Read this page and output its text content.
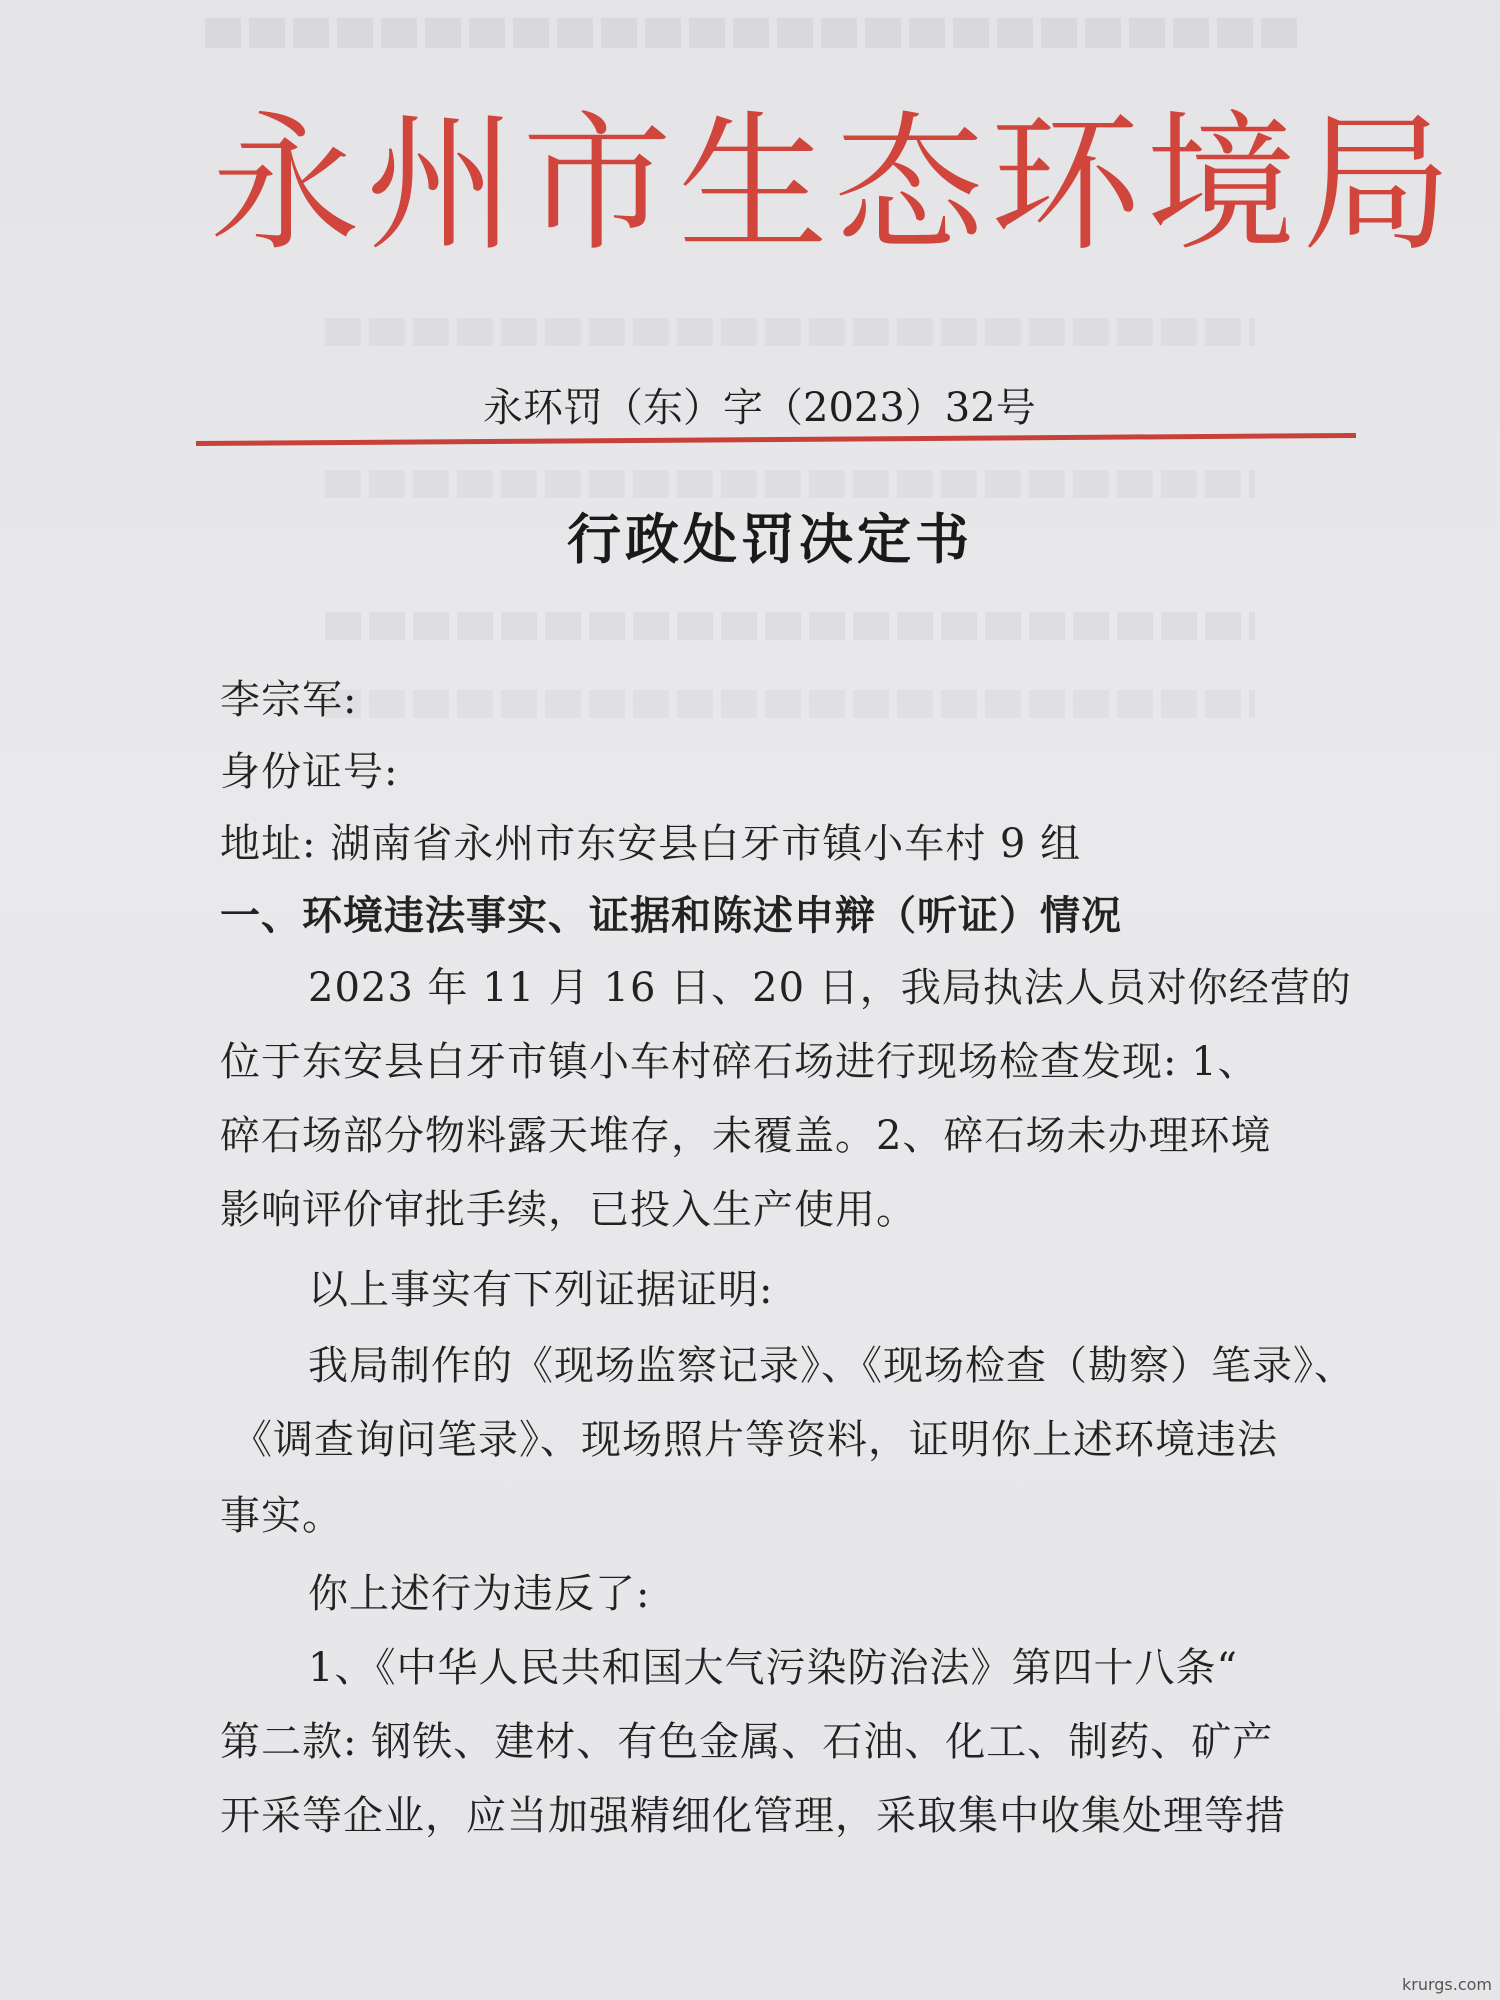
永州市生态环境局
永环罚（东）字（2023）32号
行政处罚决定书
李宗军:
身份证号:
地址: 湖南省永州市东安县白牙市镇小车村 9 组
一、环境违法事实、证据和陈述申辩（听证）情况
2023 年 11 月 16 日、20 日，我局执法人员对你经营的
位于东安县白牙市镇小车村碎石场进行现场检查发现: 1、
碎石场部分物料露天堆存，未覆盖。2、碎石场未办理环境
影响评价审批手续，已投入生产使用。
以上事实有下列证据证明:
我局制作的《现场监察记录》、《现场检查（勘察）笔录》、
《调查询问笔录》、现场照片等资料，证明你上述环境违法
事实。
你上述行为违反了:
1、《中华人民共和国大气污染防治法》第四十八条“
第二款: 钢铁、建材、有色金属、石油、化工、制药、矿产
开采等企业，应当加强精细化管理，采取集中收集处理等措
krurgs.com
